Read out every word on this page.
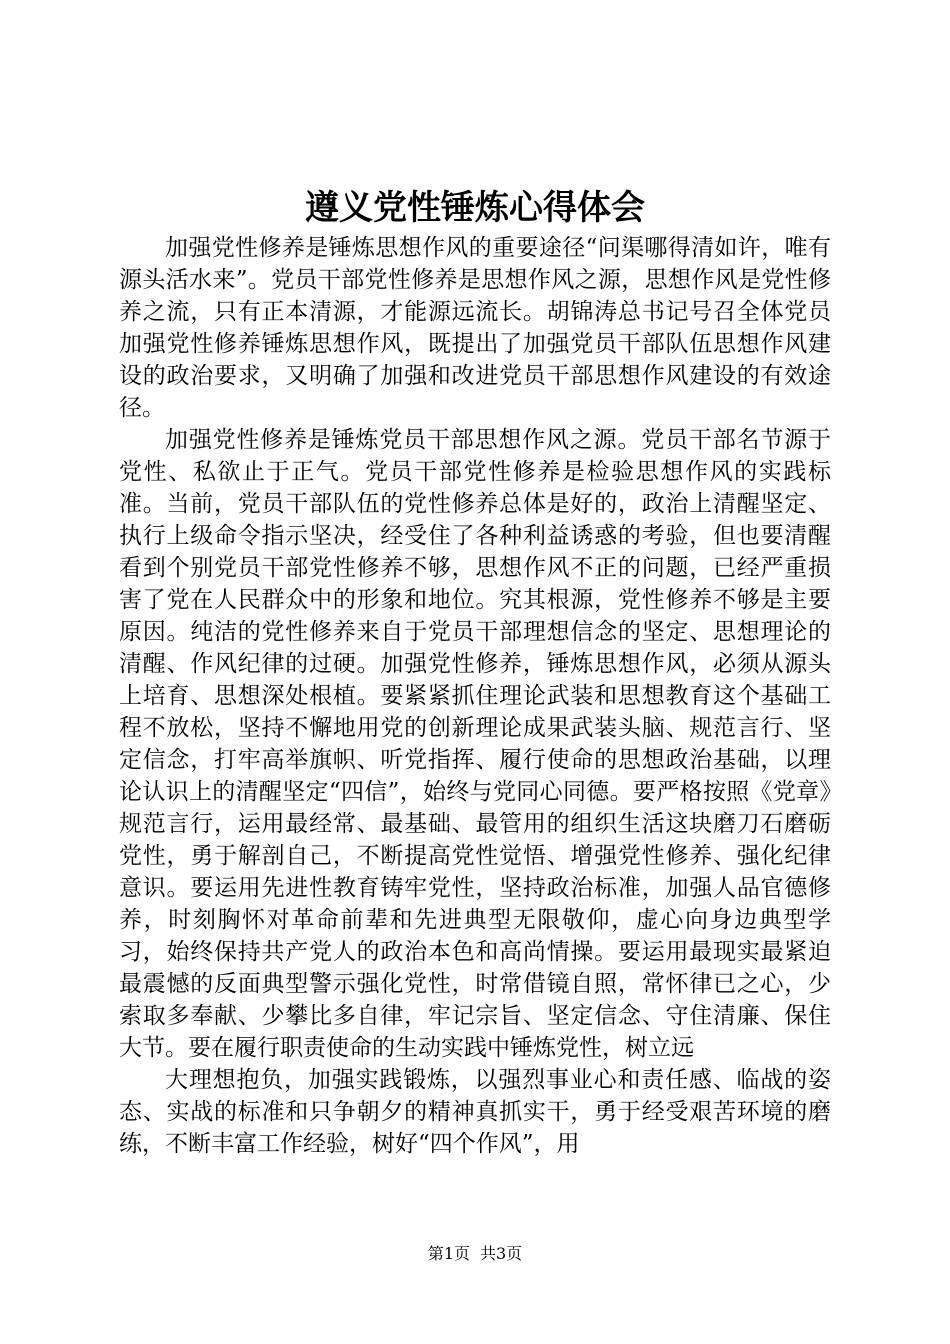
遵义党性锤炼心得体会

加强党性修养是锤炼思想作风的重要途径“问渠哪得清如许，唯有源头活水来”。党员干部党性修养是思想作风之源，思想作风是党性修养之流，只有正本清源，才能源远流长。胡锦涛总书记号召全体党员加强党性修养锤炼思想作风，既提出了加强党员干部队伍思想作风建设的政治要求，又明确了加强和改进党员干部思想作风建设的有效途径。

加强党性修养是锤炼党员干部思想作风之源。党员干部名节源于党性、私欲止于正气。党员干部党性修养是检验思想作风的实践标准。当前，党员干部队伍的党性修养总体是好的，政治上清醒坚定、执行上级命令指示坚决，经受住了各种利益诱惑的考验，但也要清醒看到个别党员干部党性修养不够，思想作风不正的问题，已经严重损害了党在人民群众中的形象和地位。究其根源，党性修养不够是主要原因。纯洁的党性修养来自于党员干部理想信念的坚定、思想理论的清醒、作风纪律的过硬。加强党性修养，锤炼思想作风，必须从源头上培育、思想深处根植。要紧紧抓住理论武装和思想教育这个基础工程不放松，坚持不懈地用党的创新理论成果武装头脑、规范言行、坚定信念，打牢高举旗帜、听党指挥、履行使命的思想政治基础，以理论认识上的清醒坚定“四信”，始终与党同心同德。要严格按照《党章》规范言行，运用最经常、最基础、最管用的组织生活这块磨刀石磨砺党性，勇于解剖自己，不断提高党性觉悟、增强党性修养、强化纪律意识。要运用先进性教育铸牢党性，坚持政治标准，加强人品官德修养，时刻胸怀对革命前辈和先进典型无限敬仰，虚心向身边典型学习，始终保持共产党人的政治本色和高尚情操。要运用最现实最紧迫最震憾的反面典型警示强化党性，时常借镜自照，常怀律已之心，少索取多奉献、少攀比多自律，牢记宗旨、坚定信念、守住清廉、保住大节。要在履行职责使命的生动实践中锤炼党性，树立远

大理想抱负，加强实践锻炼，以强烈事业心和责任感、临战的姿态、实战的标准和只争朝夕的精神真抓实干，勇于经受艰苦环境的磨练，不断丰富工作经验，树好“四个作风”，用

第1页 共3页
